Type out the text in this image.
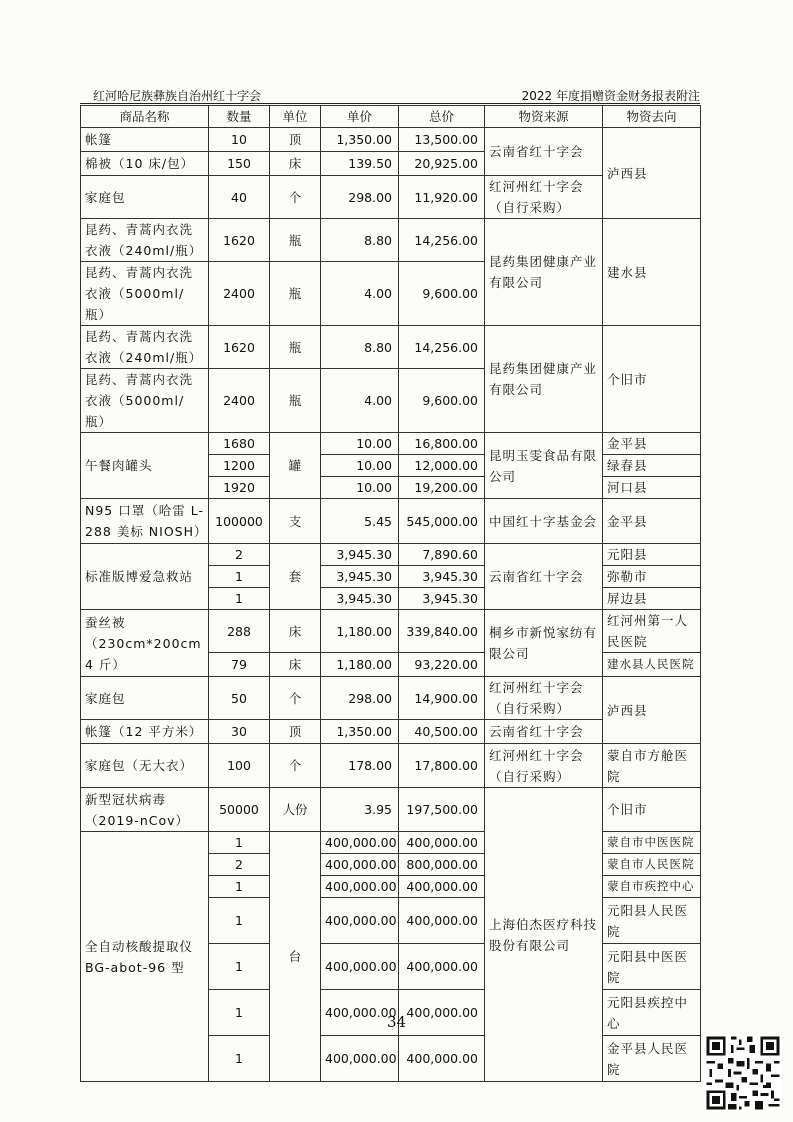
红河哈尼族彝族自治州红十字会	2022 年度捐赠资金财务报表附注
商品名称	数量	单位	单价	总价	物资来源	物资去向
帐篷	10	顶	1,350.00	13,500.00	云南省红十字会	泸西县
棉被（10 床/包）	150	床	139.50	20,925.00		
家庭包	40	个	298.00	11,920.00	红河州红十字会（自行采购）	
昆药、青蒿内衣洗衣液（240ml/瓶）	1620	瓶	8.80	14,256.00	昆药集团健康产业有限公司	建水县
昆药、青蒿内衣洗衣液（5000ml/瓶）	2400	瓶	4.00	9,600.00		
昆药、青蒿内衣洗衣液（240ml/瓶）	1620	瓶	8.80	14,256.00	昆药集团健康产业有限公司	个旧市
昆药、青蒿内衣洗衣液（5000ml/瓶）	2400	瓶	4.00	9,600.00		
午餐肉罐头	1680	罐	10.00	16,800.00	昆明玉雯食品有限公司	金平县
	1200		10.00	12,000.00		绿春县
	1920		10.00	19,200.00		河口县
N95 口罩（哈雷 L-288 美标 NIOSH）	100000	支	5.45	545,000.00	中国红十字基金会	金平县
标准版博爱急救站	2	套	3,945.30	7,890.60	云南省红十字会	元阳县
	1		3,945.30	3,945.30		弥勒市
	1		3,945.30	3,945.30		屏边县
蚕丝被（230cm*200cm 4 斤）	288	床	1,180.00	339,840.00	桐乡市新悦家纺有限公司	红河州第一人民医院
	79	床	1,180.00	93,220.00		建水县人民医院
家庭包	50	个	298.00	14,900.00	红河州红十字会（自行采购）	泸西县
帐篷（12 平方米）	30	顶	1,350.00	40,500.00	云南省红十字会	
家庭包（无大衣）	100	个	178.00	17,800.00	红河州红十字会（自行采购）	蒙自市方舱医院
新型冠状病毒（2019-nCov）	50000	人份	3.95	197,500.00	上海伯杰医疗科技股份有限公司	个旧市
全自动核酸提取仪 BG-abot-96 型	1	台	400,000.00	400,000.00		蒙自市中医医院
	2		400,000.00	800,000.00		蒙自市人民医院
	1		400,000.00	400,000.00		蒙自市疾控中心
	1		400,000.00	400,000.00		元阳县人民医院
	1		400,000.00	400,000.00		元阳县中医医院
	1		400,000.00	400,000.00		元阳县疾控中心
	1		400,000.00	400,000.00		金平县人民医院
34
